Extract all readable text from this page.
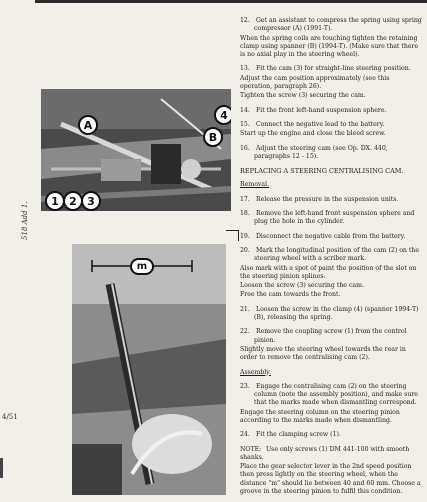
518 Add 1.
4/51
A
B
4
1 2 3
m

12. Get an assistant to compress the spring using spring compressor (A) (1991-T).

When the spring coils are touching tighten the retaining clamp using spanner (B) (1994-T). (Make sure that there is no axial play in the steering wheel).

13. Fit the cam (3) for straight-line steering position.

Adjust the cam position approximately (see this operation, paragraph 26).

Tighten the screw (3) securing the cam.

14. Fit the front left-hand suspension sphere.

15. Connect the negative lead to the battery.

Start up the engine and close the bleed screw.

16. Adjust the steering cam (see Op. DX. 440, paragraphs 12 - 15).

REPLACING A STEERING CENTRALISING CAM.

Removal.

17. Release the pressure in the suspension units.

18. Remove the left-hand front suspension sphere and plug the hole in the cylinder.

19. Disconnect the negative cable from the battery.

20. Mark the longitudinal position of the cam (2) on the steering wheel with a scriber mark.

Also mark with a spot of paint the position of the slot on the steering pinion splines.

Loosen the screw (3) securing the cam.

Free the cam towards the front.

21. Loosen the screw in the clamp (4) (spanner 1994-T) (B), releasing the spring.

22. Remove the coupling screw (1) from the control pinion.

Slightly move the steering wheel towards the rear in order to remove the centralising cam (2).

Assembly.

23. Engage the centralising cam (2) on the steering column (note the assembly position), and make sure that the marks made when dismantling correspond.

Engage the steering column on the steering pinion according to the marks made when dismantling.

24. Fit the clamping screw (1).

NOTE: Use only screws (1) DM 441-100 with smooth shanks.

Place the gear selector lever in the 2nd speed position then press lightly on the steering wheel, when the distance "m" should lie between 40 and 60 mm. Choose a groove in the steering pinion to fulfil this condition.
